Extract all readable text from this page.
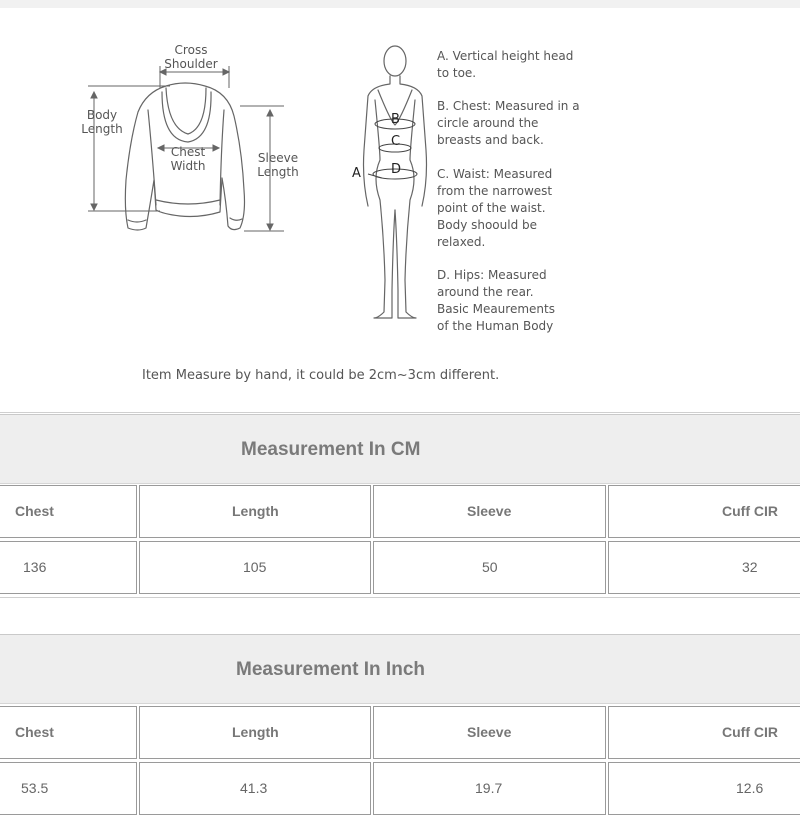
Cross
Shoulder
Body
Length
Chest
Width
Sleeve
Length	A
B
C
D

A. Vertical height head
to toe.

B. Chest: Measured in a
circle around the
breasts and back.

C. Waist: Measured
from the narrowest
point of the waist.
Body shoould be
relaxed.

D. Hips: Measured
around the rear.
Basic Meaurements
of the Human Body

Item Measure by hand, it could be 2cm~3cm different.
Measurement In CM
Chest	Length	Sleeve	Cuff CIR
136	105	50	32
Measurement In Inch
Chest	Length	Sleeve	Cuff CIR
53.5	41.3	19.7	12.6
